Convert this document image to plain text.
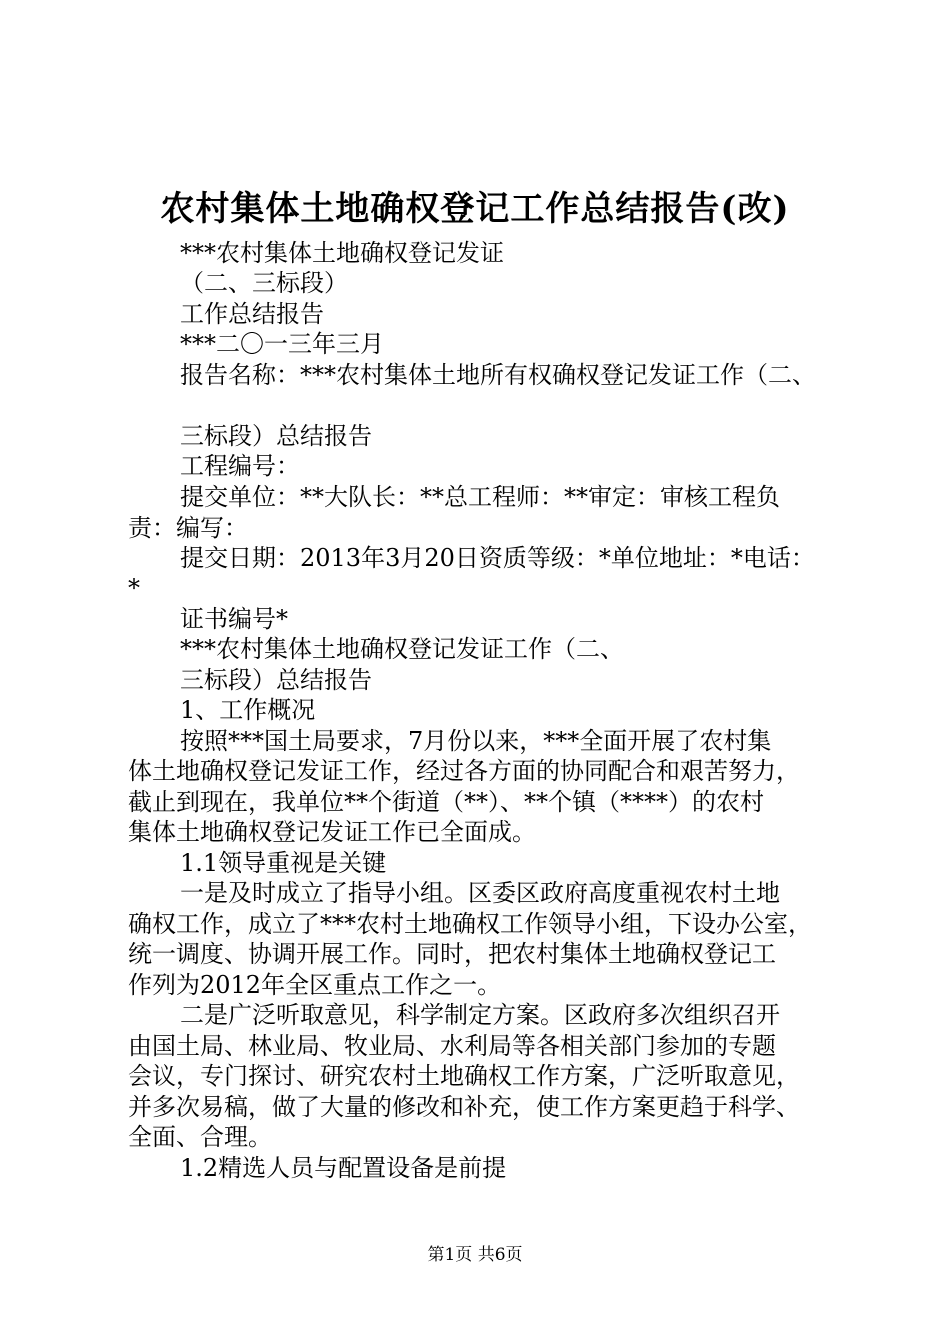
农村集体土地确权登记工作总结报告(改)
***农村集体土地确权登记发证
（二、三标段）
工作总结报告
***二〇一三年三月
报告名称：***农村集体土地所有权确权登记发证工作（二、
三标段）总结报告
工程编号：
提交单位：**大队长：**总工程师：**审定：审核工程负
责：编写：
提交日期：2013年3月20日资质等级：*单位地址：*电话：
*
证书编号*
***农村集体土地确权登记发证工作（二、
三标段）总结报告
1、工作概况
按照***国土局要求，7月份以来，***全面开展了农村集
体土地确权登记发证工作，经过各方面的协同配合和艰苦努力，
截止到现在，我单位**个街道（**）、**个镇（****）的农村
集体土地确权登记发证工作已全面成。
1.1领导重视是关键
一是及时成立了指导小组。区委区政府高度重视农村土地
确权工作，成立了***农村土地确权工作领导小组，下设办公室，
统一调度、协调开展工作。同时，把农村集体土地确权登记工
作列为2012年全区重点工作之一。
二是广泛听取意见，科学制定方案。区政府多次组织召开
由国土局、林业局、牧业局、水利局等各相关部门参加的专题
会议，专门探讨、研究农村土地确权工作方案，广泛听取意见，
并多次易稿，做了大量的修改和补充，使工作方案更趋于科学、
全面、合理。
1.2精选人员与配置设备是前提
第1页 共6页
